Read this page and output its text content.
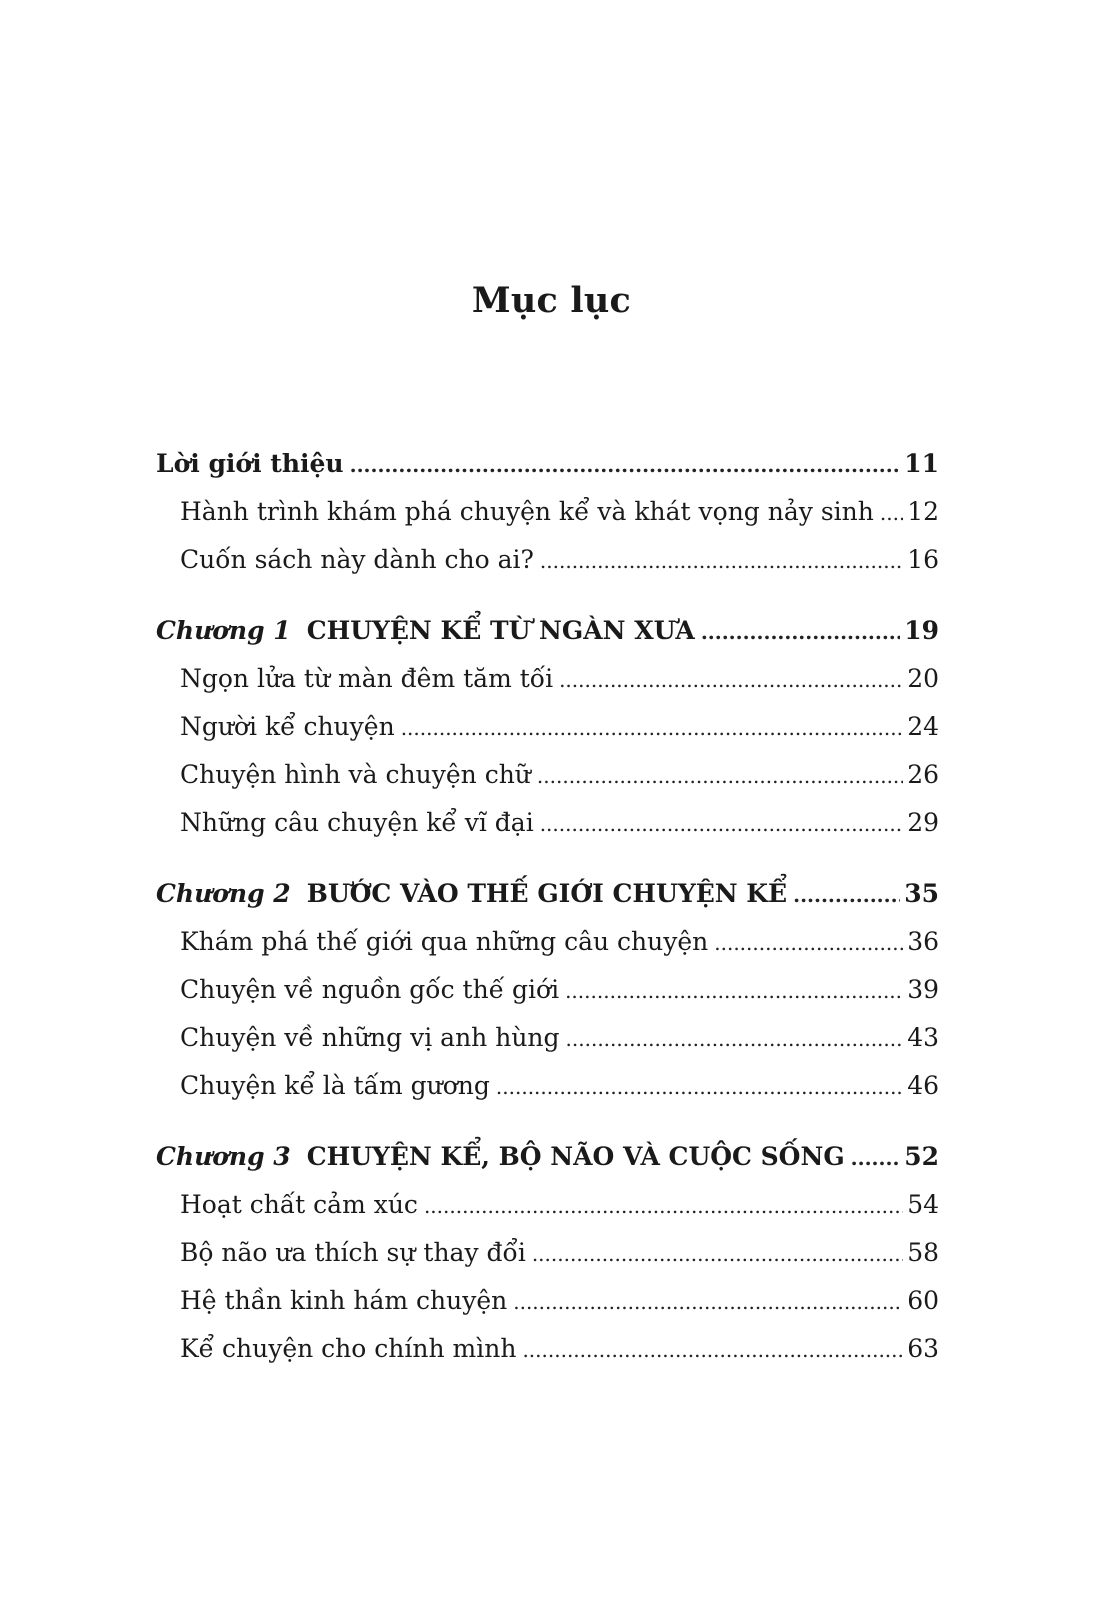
Mục lục
Lời giới thiệu .....	11
Hành trình khám phá chuyện kể và khát vọng nảy sinh ..... 12
Cuốn sách này dành cho ai? .....	16
Chương 1 CHUYỆN KỂ TỪ NGÀN XƯA .....	19
Ngọn lửa từ màn đêm tăm tối .....	20
Người kể chuyện .....	24
Chuyện hình và chuyện chữ .....	26
Những câu chuyện kể vĩ đại .....	29
Chương 2 BƯỚC VÀO THẾ GIỚI CHUYỆN KỂ .....	35
Khám phá thế giới qua những câu chuyện .....	36
Chuyện về nguồn gốc thế giới .....	39
Chuyện về những vị anh hùng .....	43
Chuyện kể là tấm gương .....	46
Chương 3 CHUYỆN KỂ, BỘ NÃO VÀ CUỘC SỐNG ..... 52
Hoạt chất cảm xúc .....	54
Bộ não ưa thích sự thay đổi .....	58
Hệ thần kinh hám chuyện .....	60
Kể chuyện cho chính mình .....	63
